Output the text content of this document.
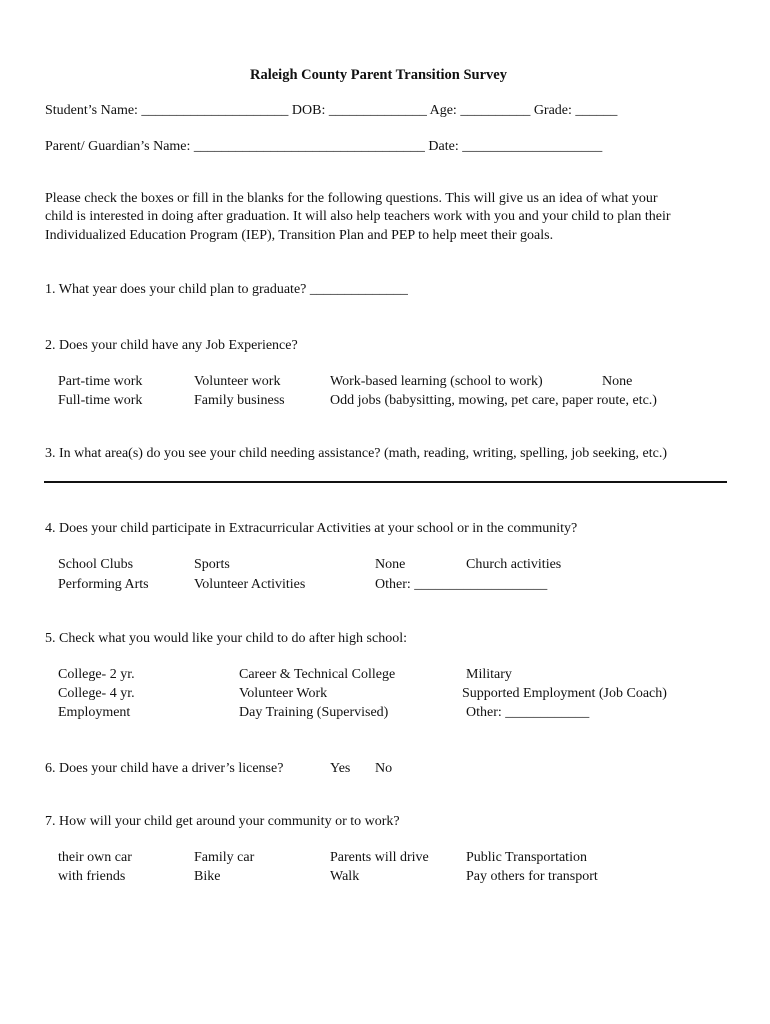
Raleigh County Parent Transition Survey
Student’s Name: _____________________ DOB: ______________ Age: __________ Grade: ______
Parent/ Guardian’s Name: _________________________________ Date: ____________________
Please check the boxes or fill in the blanks for the following questions. This will give us an idea of what your
child is interested in doing after graduation. It will also help teachers work with you and your child to plan their
Individualized Education Program (IEP), Transition Plan and PEP to help meet their goals.
1. What year does your child plan to graduate? ______________
2. Does your child have any Job Experience?
Part-time work
Full-time work
Volunteer work
Family business
Work-based learning (school to work)
Odd jobs (babysitting, mowing, pet care, paper route, etc.)
None
3. In what area(s) do you see your child needing assistance? (math, reading, writing, spelling, job seeking, etc.)
4. Does your child participate in Extracurricular Activities at your school or in the community?
School Clubs
Performing Arts
Sports
Volunteer Activities
None
Other: ___________________
Church activities
5. Check what you would like your child to do after high school:
College- 2 yr.
College- 4 yr.
Employment
Career & Technical College
Volunteer Work
Day Training (Supervised)
Military
Supported Employment (Job Coach)
Other: ____________
6. Does your child have a driver’s license?	Yes No
7. How will your child get around your community or to work?
their own car
with friends
Family car
Bike
Parents will drive
Walk
Public Transportation
Pay others for transport
